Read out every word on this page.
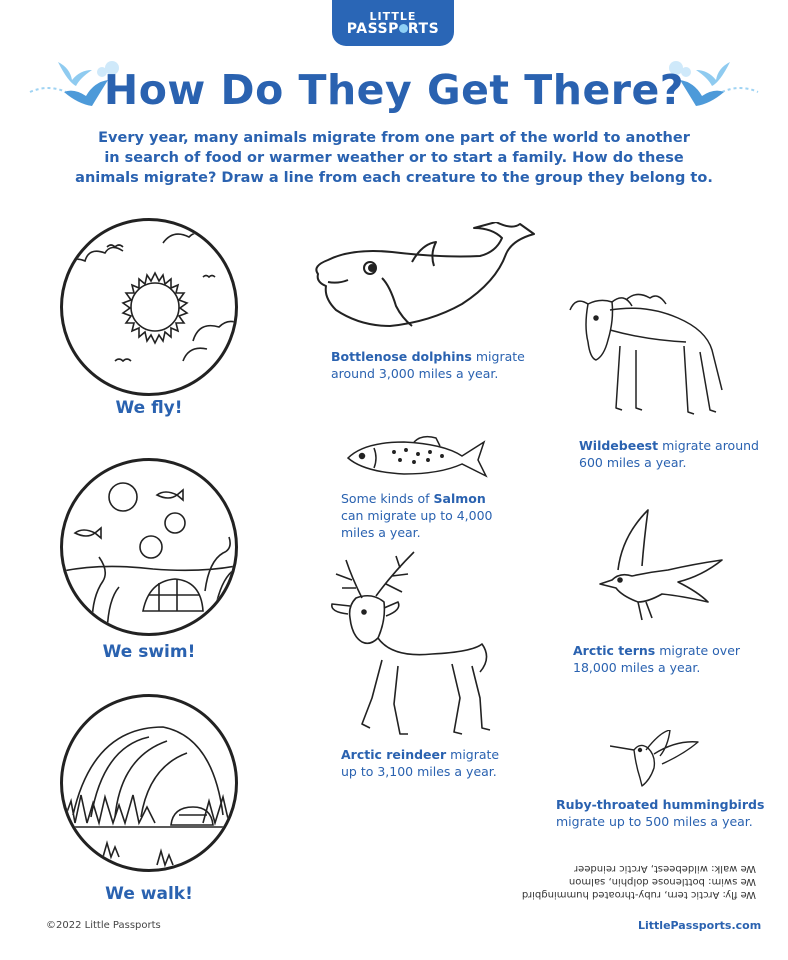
LITTLE
PASSP RTS
How Do They Get There?
Every year, many animals migrate from one part of the world to another
in search of food or warmer weather or to start a family. How do these
animals migrate? Draw a line from each creature to the group they belong to.
We fly!
We swim!
We walk!
Bottlenose dolphins migrate
around 3,000 miles a year.
Wildebeest migrate around
600 miles a year.
Some kinds of Salmon
can migrate up to 4,000
miles a year.
Arctic terns migrate over
18,000 miles a year.
Arctic reindeer migrate
up to 3,100 miles a year.
Ruby-throated hummingbirds
migrate up to 500 miles a year.
We fly: Arctic tern, ruby-throated hummingbird
We swim: bottlenose dolphin, salmon
We walk: wildebeest, Arctic reindeer
©2022 Little Passports	LittlePassports.com
